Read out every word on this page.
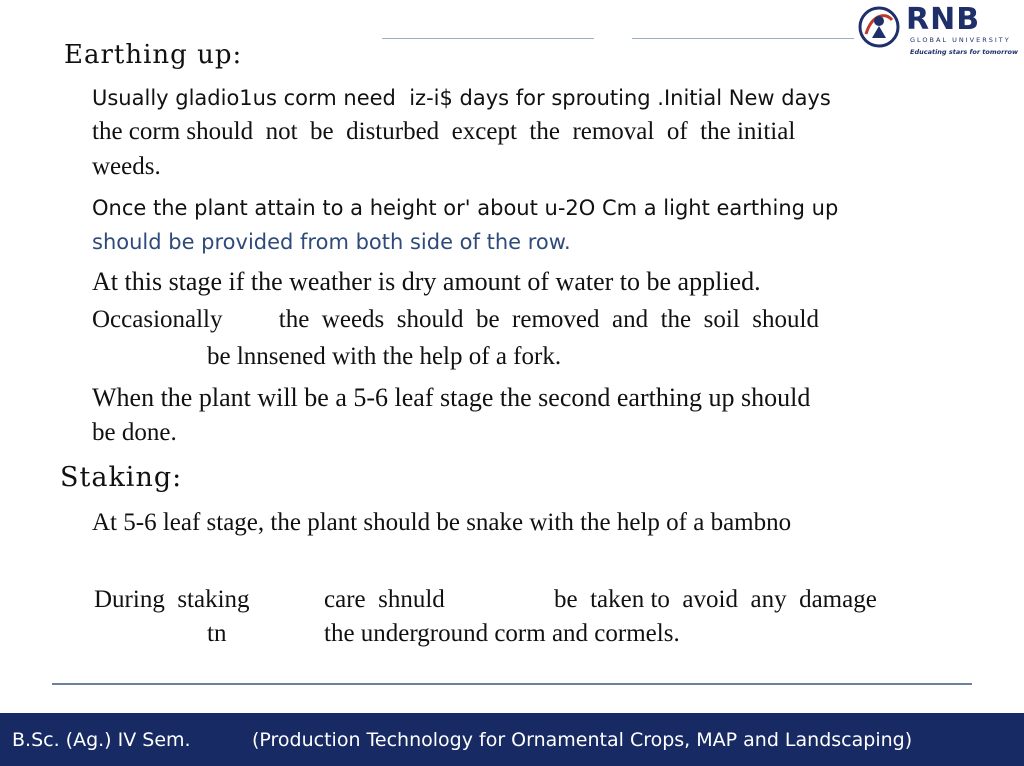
RNB
GLOBAL UNIVERSITY
Educating stars for tomorrow
Earthing up:
Usually gladio1us corm need  iz-i$ days for sprouting .Initial New days
the corm should  not  be  disturbed  except  the  removal  of  the initial
weeds.
Once the plant attain to a height or' about u-2O Cm a light earthing up
should be provided from both side of the row.
At this stage if the weather is dry amount of water to be applied.
Occasionally         the  weeds  should  be  removed  and  the  soil  should
be lnnsened with the help of a fork.
When the plant will be a 5-6 leaf stage the second earthing up should
be done.
Staking:
At 5-6 leaf stage, the plant should be snake with the help of a bambno
During  staking
tn
care  shnuld
the underground corm and cormels.
be  taken to  avoid  any  damage
B.Sc. (Ag.) IV Sem.	(Production Technology for Ornamental Crops, MAP and Landscaping)
